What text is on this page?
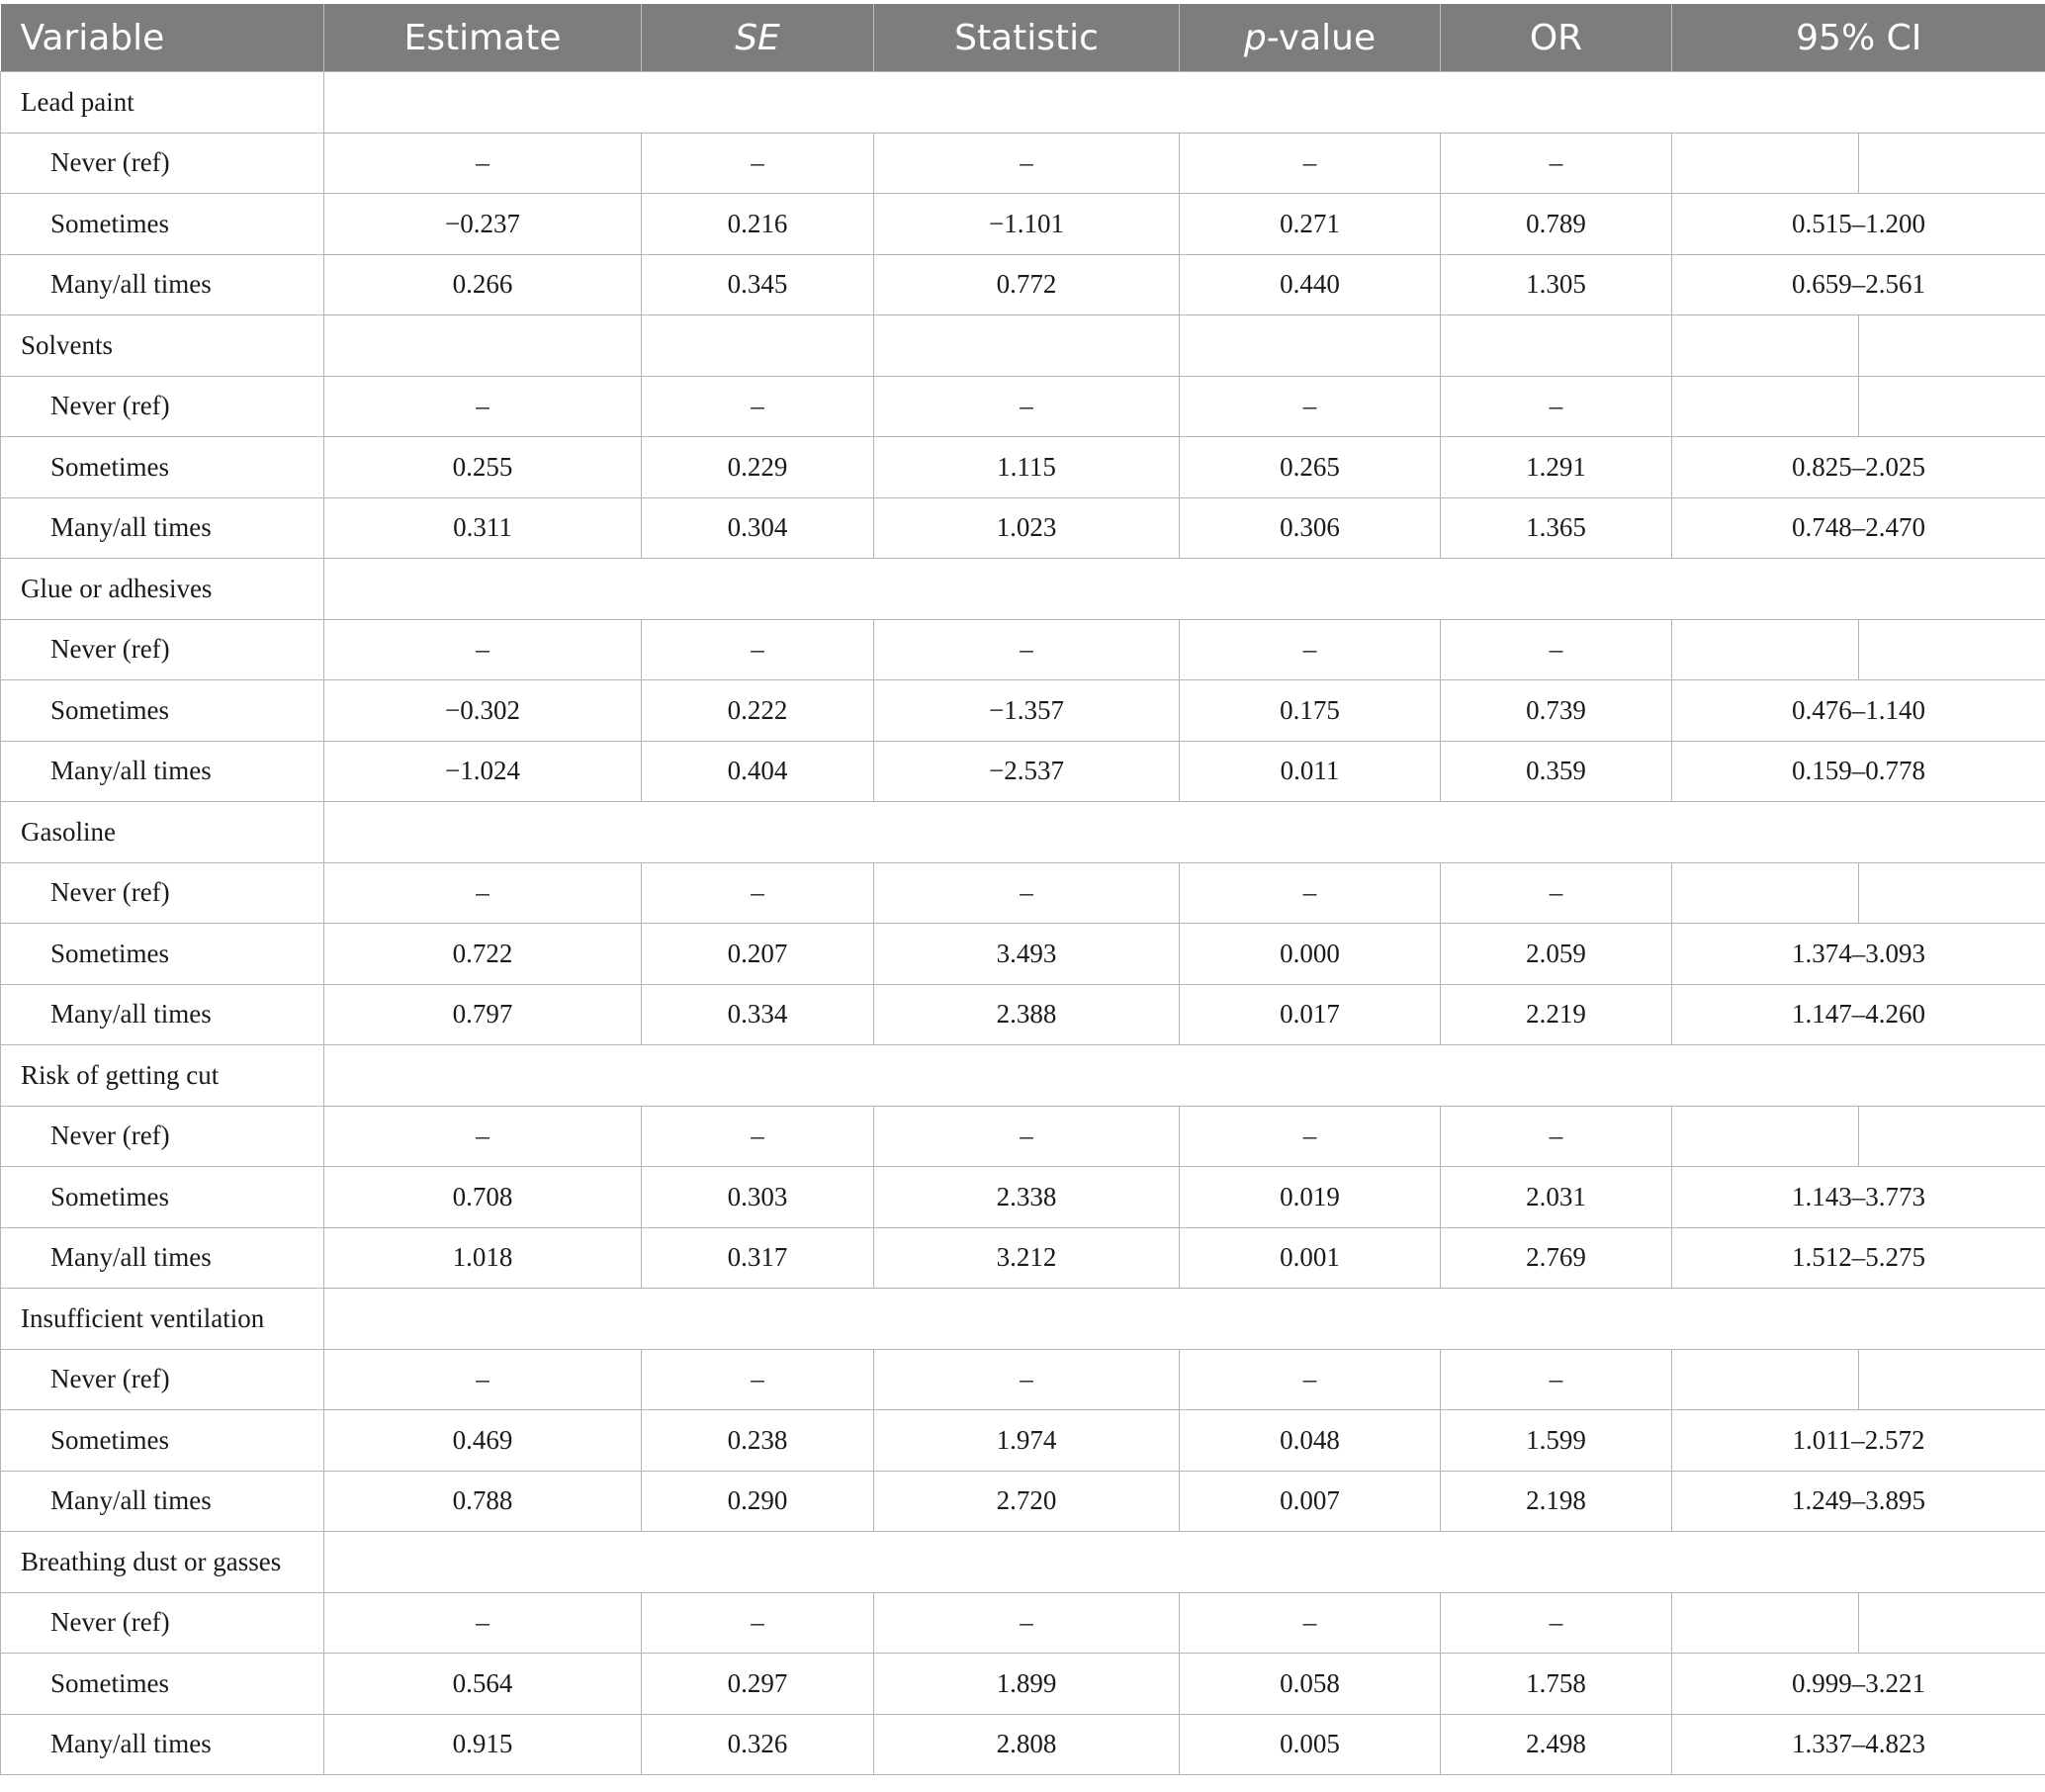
Variable	Estimate	SE	Statistic	p-value	OR	95% CI
Lead paint						
Never (ref)	–	–	–	–	–	

Sometimes	−0.237	0.216	−1.101	0.271	0.789	0.515–1.200
Many/all times	0.266	0.345	0.772	0.440	1.305	0.659–2.561
Solvents						

Never (ref)	–	–	–	–	–	

Sometimes	0.255	0.229	1.115	0.265	1.291	0.825–2.025
Many/all times	0.311	0.304	1.023	0.306	1.365	0.748–2.470
Glue or adhesives						
Never (ref)	–	–	–	–	–	

Sometimes	−0.302	0.222	−1.357	0.175	0.739	0.476–1.140
Many/all times	−1.024	0.404	−2.537	0.011	0.359	0.159–0.778
Gasoline						
Never (ref)	–	–	–	–	–	

Sometimes	0.722	0.207	3.493	0.000	2.059	1.374–3.093
Many/all times	0.797	0.334	2.388	0.017	2.219	1.147–4.260
Risk of getting cut						
Never (ref)	–	–	–	–	–	

Sometimes	0.708	0.303	2.338	0.019	2.031	1.143–3.773
Many/all times	1.018	0.317	3.212	0.001	2.769	1.512–5.275
Insufficient ventilation						
Never (ref)	–	–	–	–	–	

Sometimes	0.469	0.238	1.974	0.048	1.599	1.011–2.572
Many/all times	0.788	0.290	2.720	0.007	2.198	1.249–3.895
Breathing dust or gasses						
Never (ref)	–	–	–	–	–	

Sometimes	0.564	0.297	1.899	0.058	1.758	0.999–3.221
Many/all times	0.915	0.326	2.808	0.005	2.498	1.337–4.823
